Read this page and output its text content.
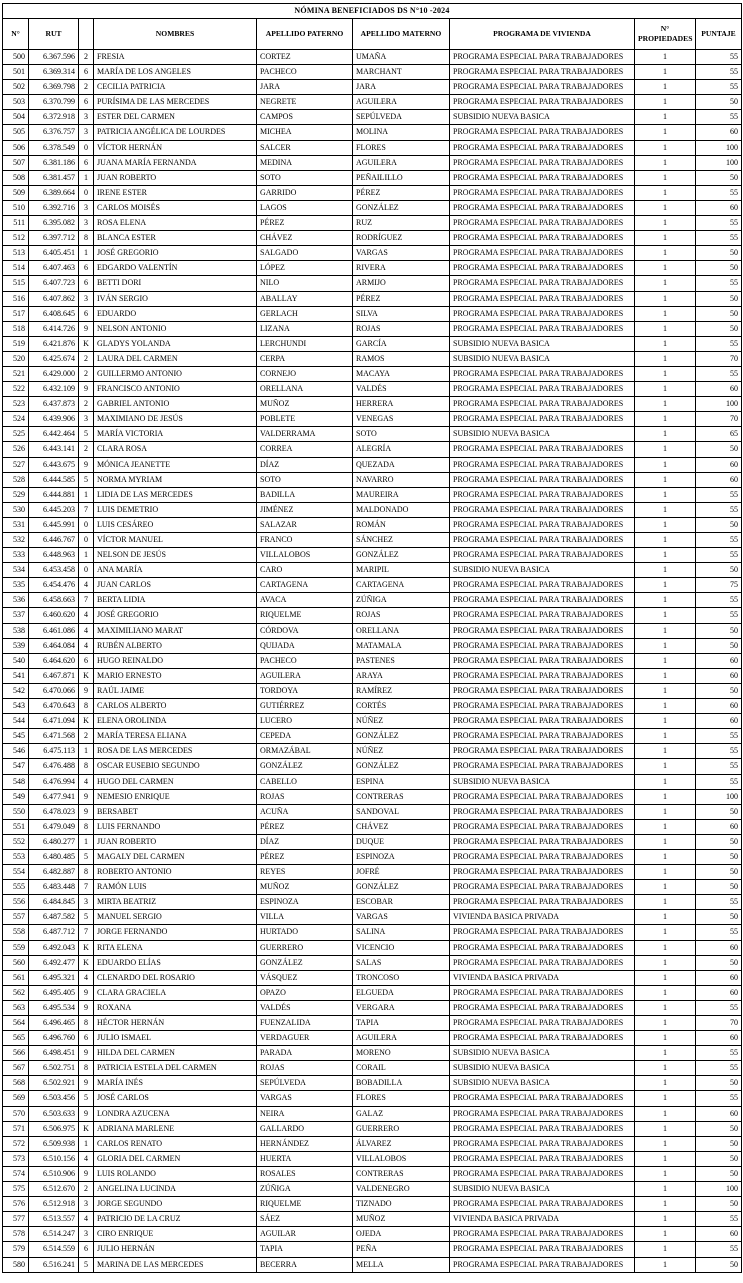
NÓMINA BENEFICIADOS DS N°10 -2024								
N°	RUT		NOMBRES	APELLIDO PATERNO	APELLIDO MATERNO	PROGRAMA DE VIVIENDA	N° PROPIEDADES	PUNTAJE
500	6.367.596	2	FRESIA	CORTEZ	UMAÑA	PROGRAMA ESPECIAL PARA TRABAJADORES	1	55
501	6.369.314	6	MARÍA DE LOS ANGELES	PACHECO	MARCHANT	PROGRAMA ESPECIAL PARA TRABAJADORES	1	55
502	6.369.798	2	CECILIA PATRICIA	JARA	JARA	PROGRAMA ESPECIAL PARA TRABAJADORES	1	55
503	6.370.799	6	PURÍSIMA DE LAS MERCEDES	NEGRETE	AGUILERA	PROGRAMA ESPECIAL PARA TRABAJADORES	1	50
504	6.372.918	3	ESTER DEL CARMEN	CAMPOS	SEPÚLVEDA	SUBSIDIO NUEVA BASICA	1	55
505	6.376.757	3	PATRICIA ANGÉLICA DE LOURDES	MICHEA	MOLINA	PROGRAMA ESPECIAL PARA TRABAJADORES	1	60
506	6.378.549	0	VÍCTOR HERNÁN	SALCER	FLORES	PROGRAMA ESPECIAL PARA TRABAJADORES	1	100
507	6.381.186	6	JUANA MARÍA FERNANDA	MEDINA	AGUILERA	PROGRAMA ESPECIAL PARA TRABAJADORES	1	100
508	6.381.457	1	JUAN ROBERTO	SOTO	PEÑAILILLO	PROGRAMA ESPECIAL PARA TRABAJADORES	1	50
509	6.389.664	0	IRENE ESTER	GARRIDO	PÉREZ	PROGRAMA ESPECIAL PARA TRABAJADORES	1	55
510	6.392.716	3	CARLOS MOISÉS	LAGOS	GONZÁLEZ	PROGRAMA ESPECIAL PARA TRABAJADORES	1	60
511	6.395.082	3	ROSA ELENA	PÉREZ	RUZ	PROGRAMA ESPECIAL PARA TRABAJADORES	1	55
512	6.397.712	8	BLANCA ESTER	CHÁVEZ	RODRÍGUEZ	PROGRAMA ESPECIAL PARA TRABAJADORES	1	55
513	6.405.451	1	JOSÉ GREGORIO	SALGADO	VARGAS	PROGRAMA ESPECIAL PARA TRABAJADORES	1	50
514	6.407.463	6	EDGARDO VALENTÍN	LÓPEZ	RIVERA	PROGRAMA ESPECIAL PARA TRABAJADORES	1	50
515	6.407.723	6	BETTI DORI	NILO	ARMIJO	PROGRAMA ESPECIAL PARA TRABAJADORES	1	55
516	6.407.862	3	IVÁN SERGIO	ABALLAY	PÉREZ	PROGRAMA ESPECIAL PARA TRABAJADORES	1	50
517	6.408.645	6	EDUARDO	GERLACH	SILVA	PROGRAMA ESPECIAL PARA TRABAJADORES	1	50
518	6.414.726	9	NELSON ANTONIO	LIZANA	ROJAS	PROGRAMA ESPECIAL PARA TRABAJADORES	1	50
519	6.421.876	K	GLADYS YOLANDA	LERCHUNDI	GARCÍA	SUBSIDIO NUEVA BASICA	1	55
520	6.425.674	2	LAURA DEL CARMEN	CERPA	RAMOS	SUBSIDIO NUEVA BASICA	1	70
521	6.429.000	2	GUILLERMO ANTONIO	CORNEJO	MACAYA	PROGRAMA ESPECIAL PARA TRABAJADORES	1	55
522	6.432.109	9	FRANCISCO ANTONIO	ORELLANA	VALDÉS	PROGRAMA ESPECIAL PARA TRABAJADORES	1	60
523	6.437.873	2	GABRIEL ANTONIO	MUÑOZ	HERRERA	PROGRAMA ESPECIAL PARA TRABAJADORES	1	100
524	6.439.906	3	MAXIMIANO DE JESÚS	POBLETE	VENEGAS	PROGRAMA ESPECIAL PARA TRABAJADORES	1	70
525	6.442.464	5	MARÍA VICTORIA	VALDERRAMA	SOTO	SUBSIDIO NUEVA BASICA	1	65
526	6.443.141	2	CLARA ROSA	CORREA	ALEGRÍA	PROGRAMA ESPECIAL PARA TRABAJADORES	1	50
527	6.443.675	9	MÓNICA JEANETTE	DÍAZ	QUEZADA	PROGRAMA ESPECIAL PARA TRABAJADORES	1	60
528	6.444.585	5	NORMA MYRIAM	SOTO	NAVARRO	PROGRAMA ESPECIAL PARA TRABAJADORES	1	60
529	6.444.881	1	LIDIA DE LAS MERCEDES	BADILLA	MAUREIRA	PROGRAMA ESPECIAL PARA TRABAJADORES	1	55
530	6.445.203	7	LUIS DEMETRIO	JIMÉNEZ	MALDONADO	PROGRAMA ESPECIAL PARA TRABAJADORES	1	55
531	6.445.991	0	LUIS CESÁREO	SALAZAR	ROMÁN	PROGRAMA ESPECIAL PARA TRABAJADORES	1	50
532	6.446.767	0	VÍCTOR MANUEL	FRANCO	SÁNCHEZ	PROGRAMA ESPECIAL PARA TRABAJADORES	1	55
533	6.448.963	1	NELSON DE JESÚS	VILLALOBOS	GONZÁLEZ	PROGRAMA ESPECIAL PARA TRABAJADORES	1	55
534	6.453.458	0	ANA MARÍA	CARO	MARIPIL	SUBSIDIO NUEVA BASICA	1	50
535	6.454.476	4	JUAN CARLOS	CARTAGENA	CARTAGENA	PROGRAMA ESPECIAL PARA TRABAJADORES	1	75
536	6.458.663	7	BERTA LIDIA	AVACA	ZÚÑIGA	PROGRAMA ESPECIAL PARA TRABAJADORES	1	55
537	6.460.620	4	JOSÉ GREGORIO	RIQUELME	ROJAS	PROGRAMA ESPECIAL PARA TRABAJADORES	1	55
538	6.461.086	4	MAXIMILIANO MARAT	CÓRDOVA	ORELLANA	PROGRAMA ESPECIAL PARA TRABAJADORES	1	50
539	6.464.084	4	RUBÉN ALBERTO	QUIJADA	MATAMALA	PROGRAMA ESPECIAL PARA TRABAJADORES	1	50
540	6.464.620	6	HUGO REINALDO	PACHECO	PASTENES	PROGRAMA ESPECIAL PARA TRABAJADORES	1	60
541	6.467.871	K	MARIO ERNESTO	AGUILERA	ARAYA	PROGRAMA ESPECIAL PARA TRABAJADORES	1	60
542	6.470.066	9	RAÚL JAIME	TORDOYA	RAMÍREZ	PROGRAMA ESPECIAL PARA TRABAJADORES	1	50
543	6.470.643	8	CARLOS ALBERTO	GUTIÉRREZ	CORTÉS	PROGRAMA ESPECIAL PARA TRABAJADORES	1	60
544	6.471.094	K	ELENA OROLINDA	LUCERO	NÚÑEZ	PROGRAMA ESPECIAL PARA TRABAJADORES	1	60
545	6.471.568	2	MARÍA TERESA ELIANA	CEPEDA	GONZÁLEZ	PROGRAMA ESPECIAL PARA TRABAJADORES	1	55
546	6.475.113	1	ROSA DE LAS MERCEDES	ORMAZÁBAL	NÚÑEZ	PROGRAMA ESPECIAL PARA TRABAJADORES	1	55
547	6.476.488	8	OSCAR EUSEBIO SEGUNDO	GONZÁLEZ	GONZÁLEZ	PROGRAMA ESPECIAL PARA TRABAJADORES	1	55
548	6.476.994	4	HUGO DEL CARMEN	CABELLO	ESPINA	SUBSIDIO NUEVA BASICA	1	55
549	6.477.941	9	NEMESIO ENRIQUE	ROJAS	CONTRERAS	PROGRAMA ESPECIAL PARA TRABAJADORES	1	100
550	6.478.023	9	BERSABET	ACUÑA	SANDOVAL	PROGRAMA ESPECIAL PARA TRABAJADORES	1	50
551	6.479.049	8	LUIS FERNANDO	PÉREZ	CHÁVEZ	PROGRAMA ESPECIAL PARA TRABAJADORES	1	60
552	6.480.277	1	JUAN ROBERTO	DÍAZ	DUQUE	PROGRAMA ESPECIAL PARA TRABAJADORES	1	50
553	6.480.485	5	MAGALY DEL CARMEN	PÉREZ	ESPINOZA	PROGRAMA ESPECIAL PARA TRABAJADORES	1	50
554	6.482.887	8	ROBERTO ANTONIO	REYES	JOFRÉ	PROGRAMA ESPECIAL PARA TRABAJADORES	1	50
555	6.483.448	7	RAMÓN LUIS	MUÑOZ	GONZÁLEZ	PROGRAMA ESPECIAL PARA TRABAJADORES	1	50
556	6.484.845	3	MIRTA BEATRIZ	ESPINOZA	ESCOBAR	PROGRAMA ESPECIAL PARA TRABAJADORES	1	55
557	6.487.582	5	MANUEL SERGIO	VILLA	VARGAS	VIVIENDA BASICA PRIVADA	1	50
558	6.487.712	7	JORGE FERNANDO	HURTADO	SALINA	PROGRAMA ESPECIAL PARA TRABAJADORES	1	55
559	6.492.043	K	RITA ELENA	GUERRERO	VICENCIO	PROGRAMA ESPECIAL PARA TRABAJADORES	1	60
560	6.492.477	K	EDUARDO ELÍAS	GONZÁLEZ	SALAS	PROGRAMA ESPECIAL PARA TRABAJADORES	1	50
561	6.495.321	4	CLENARDO DEL ROSARIO	VÁSQUEZ	TRONCOSO	VIVIENDA BASICA PRIVADA	1	60
562	6.495.405	9	CLARA GRACIELA	OPAZO	ELGUEDA	PROGRAMA ESPECIAL PARA TRABAJADORES	1	60
563	6.495.534	9	ROXANA	VALDÉS	VERGARA	PROGRAMA ESPECIAL PARA TRABAJADORES	1	55
564	6.496.465	8	HÉCTOR HERNÁN	FUENZALIDA	TAPIA	PROGRAMA ESPECIAL PARA TRABAJADORES	1	70
565	6.496.760	6	JULIO ISMAEL	VERDAGUER	AGUILERA	PROGRAMA ESPECIAL PARA TRABAJADORES	1	60
566	6.498.451	9	HILDA DEL CARMEN	PARADA	MORENO	SUBSIDIO NUEVA BASICA	1	55
567	6.502.751	8	PATRICIA ESTELA DEL CARMEN	ROJAS	CORAIL	SUBSIDIO NUEVA BASICA	1	55
568	6.502.921	9	MARÍA INÉS	SEPÚLVEDA	BOBADILLA	SUBSIDIO NUEVA BASICA	1	50
569	6.503.456	5	JOSÉ CARLOS	VARGAS	FLORES	PROGRAMA ESPECIAL PARA TRABAJADORES	1	55
570	6.503.633	9	LONDRA AZUCENA	NEIRA	GALAZ	PROGRAMA ESPECIAL PARA TRABAJADORES	1	60
571	6.506.975	K	ADRIANA MARLENE	GALLARDO	GUERRERO	PROGRAMA ESPECIAL PARA TRABAJADORES	1	50
572	6.509.938	1	CARLOS RENATO	HERNÁNDEZ	ÁLVAREZ	PROGRAMA ESPECIAL PARA TRABAJADORES	1	50
573	6.510.156	4	GLORIA DEL CARMEN	HUERTA	VILLALOBOS	PROGRAMA ESPECIAL PARA TRABAJADORES	1	50
574	6.510.906	9	LUIS ROLANDO	ROSALES	CONTRERAS	PROGRAMA ESPECIAL PARA TRABAJADORES	1	50
575	6.512.670	2	ANGELINA LUCINDA	ZÚÑIGA	VALDENEGRO	SUBSIDIO NUEVA BASICA	1	100
576	6.512.918	3	JORGE SEGUNDO	RIQUELME	TIZNADO	PROGRAMA ESPECIAL PARA TRABAJADORES	1	50
577	6.513.557	4	PATRICIO DE LA CRUZ	SÁEZ	MUÑOZ	VIVIENDA BASICA PRIVADA	1	55
578	6.514.247	3	CIRO ENRIQUE	AGUILAR	OJEDA	PROGRAMA ESPECIAL PARA TRABAJADORES	1	60
579	6.514.559	6	JULIO HERNÁN	TAPIA	PEÑA	PROGRAMA ESPECIAL PARA TRABAJADORES	1	55
580	6.516.241	5	MARINA DE LAS MERCEDES	BECERRA	MELLA	PROGRAMA ESPECIAL PARA TRABAJADORES	1	50
